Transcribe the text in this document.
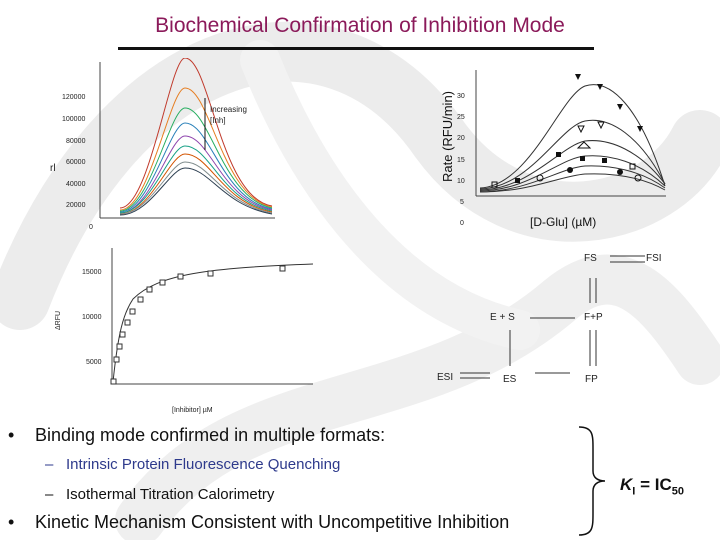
Biochemical Confirmation of Inhibition Mode
120000
100000
80000
60000
40000
20000
0
rl
Increasing
[Inh]
30
25
20
15
10
5
0
Rate (RFU/min)
[D-Glu] (µM)
15000
10000
5000
ΔRFU
[Inhibitor] µM
FS	FSI
E + S	F+P
ESI	ES	FP
• Binding mode confirmed in multiple formats:
– Intrinsic Protein Fluorescence Quenching
– Isothermal Titration Calorimetry
• Kinetic Mechanism Consistent with Uncompetitive Inhibition
$K_I = IC_{50}$
